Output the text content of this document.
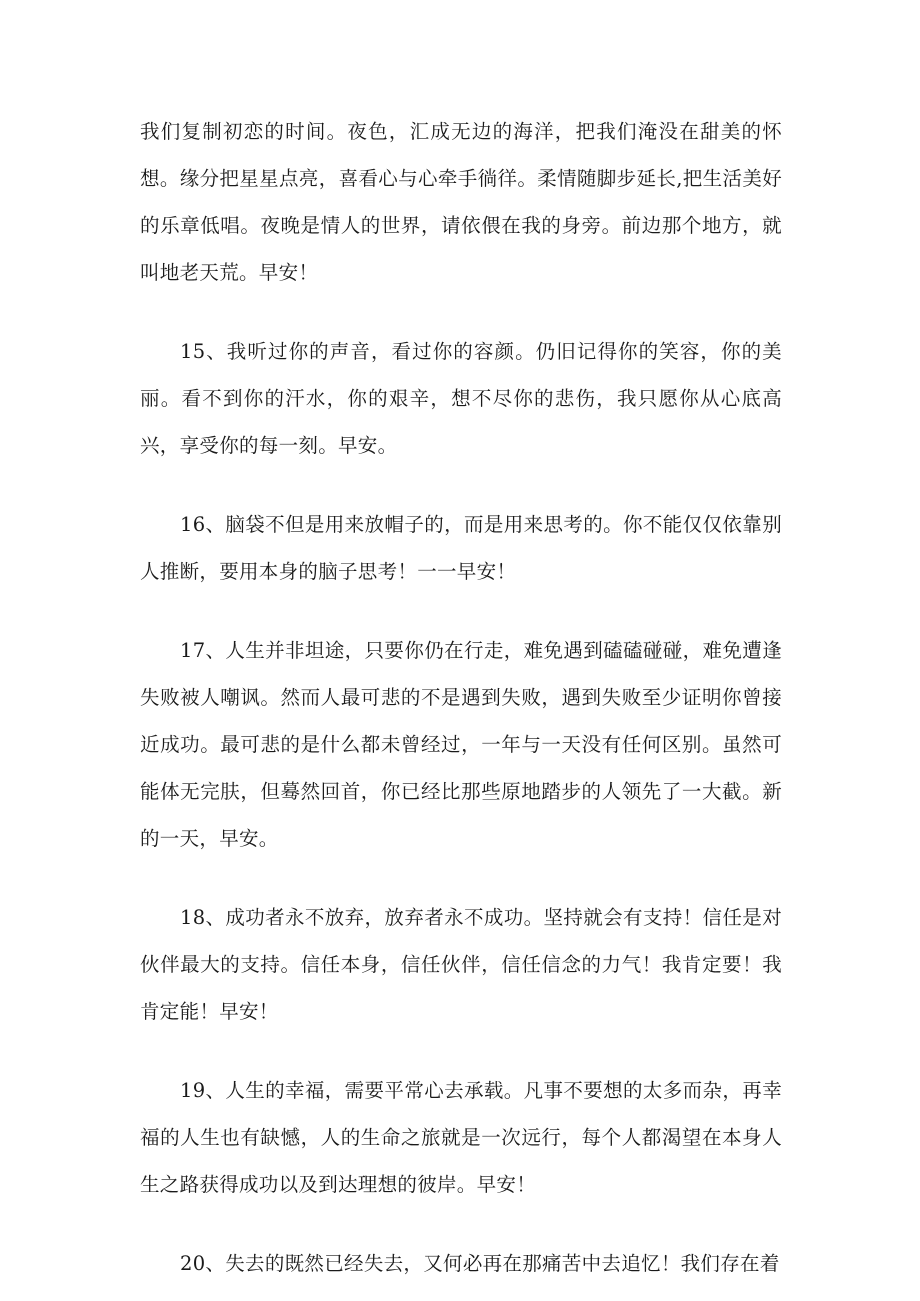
我们复制初恋的时间。夜色，汇成无边的海洋，把我们淹没在甜美的怀想。缘分把星星点亮，喜看心与心牵手徜徉。柔情随脚步延长,把生活美好的乐章低唱。夜晚是情人的世界，请依偎在我的身旁。前边那个地方，就叫地老天荒。早安！

15、我听过你的声音，看过你的容颜。仍旧记得你的笑容，你的美丽。看不到你的汗水，你的艰辛，想不尽你的悲伤，我只愿你从心底高兴，享受你的每一刻。早安。

16、脑袋不但是用来放帽子的，而是用来思考的。你不能仅仅依靠别人推断，要用本身的脑子思考！一一早安！

17、人生并非坦途，只要你仍在行走，难免遇到磕磕碰碰，难免遭逢失败被人嘲讽。然而人最可悲的不是遇到失败，遇到失败至少证明你曾接近成功。最可悲的是什么都未曾经过，一年与一天没有任何区别。虽然可能体无完肤，但蓦然回首，你已经比那些原地踏步的人领先了一大截。新的一天，早安。

18、成功者永不放弃，放弃者永不成功。坚持就会有支持！信任是对伙伴最大的支持。信任本身，信任伙伴，信任信念的力气！我肯定要！我肯定能！早安！

19、人生的幸福，需要平常心去承载。凡事不要想的太多而杂，再幸福的人生也有缺憾，人的生命之旅就是一次远行，每个人都渴望在本身人生之路获得成功以及到达理想的彼岸。早安！

20、失去的既然已经失去，又何必再在那痛苦中去追忆！我们存在着
